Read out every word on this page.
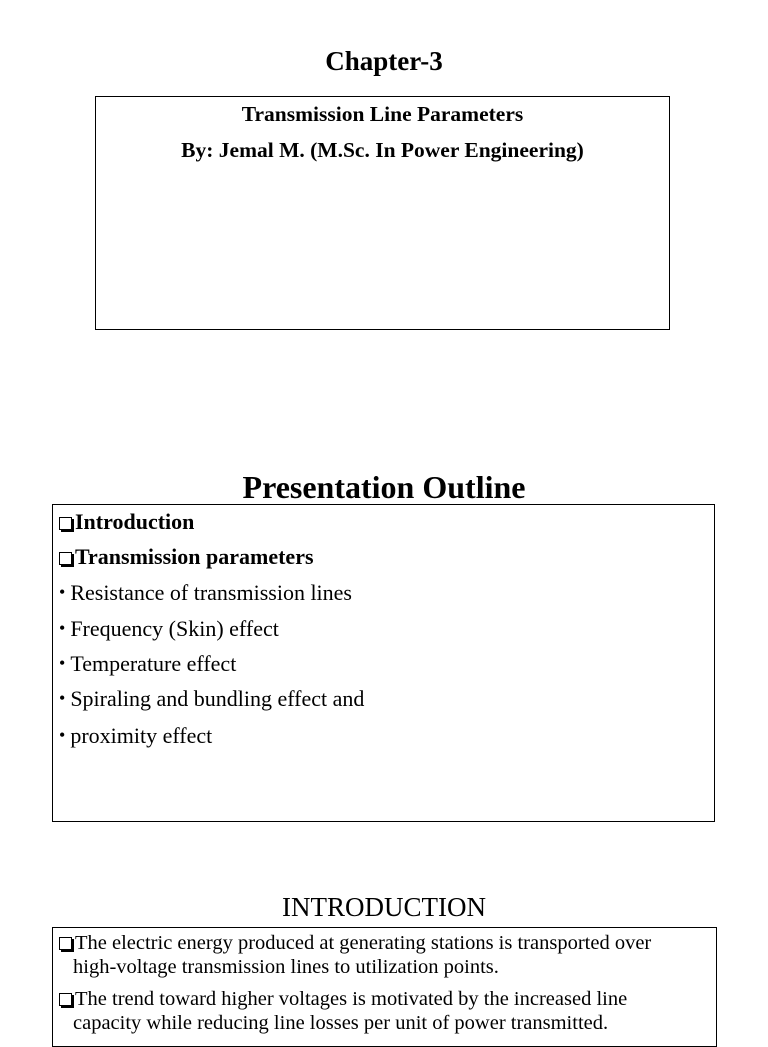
Chapter-3
Transmission Line Parameters
By: Jemal M. (M.Sc. In Power Engineering)
Presentation Outline
Introduction
Transmission parameters
• Resistance of transmission lines
• Frequency (Skin) effect
• Temperature effect
• Spiraling and bundling effect and
• proximity effect
INTRODUCTION
The electric energy produced at generating stations is transported over
high-voltage transmission lines to utilization points.
The trend toward higher voltages is motivated by the increased line
capacity while reducing line losses per unit of power transmitted.
